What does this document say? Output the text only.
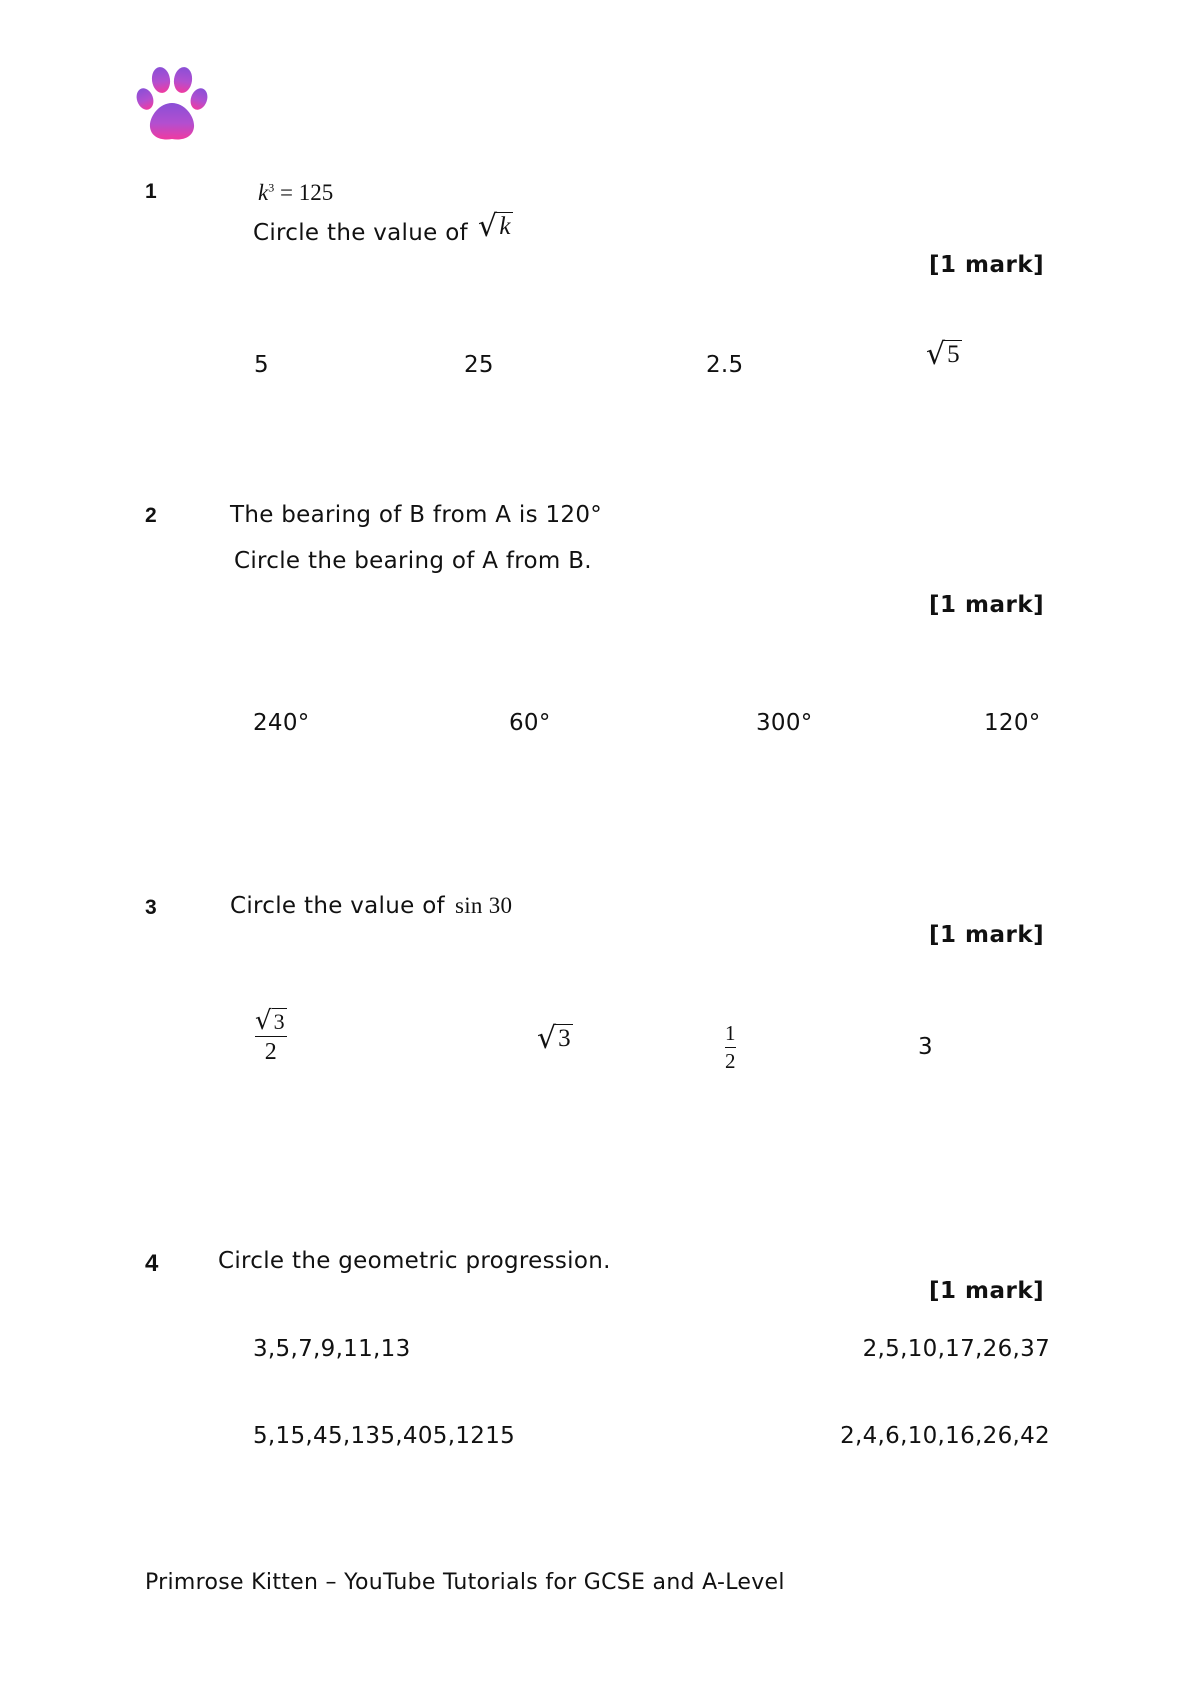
1	$k^3 = 125$
Circle the value of √ k
[1 mark]
5	25	2.5	√ 5
2	The bearing of B from A is 120°
Circle the bearing of A from B.
[1 mark]
240°	60°	300°	120°
3	Circle the value of sin 30
[1 mark]
$\frac{√ 3}{2}$	√ 3	$\frac{1}{2}$	3
4	Circle the geometric progression.
[1 mark]
3,5,7,9,11,13	2,5,10,17,26,37
5,15,45,135,405,1215	2,4,6,10,16,26,42
Primrose Kitten – YouTube Tutorials for GCSE and A-Level
